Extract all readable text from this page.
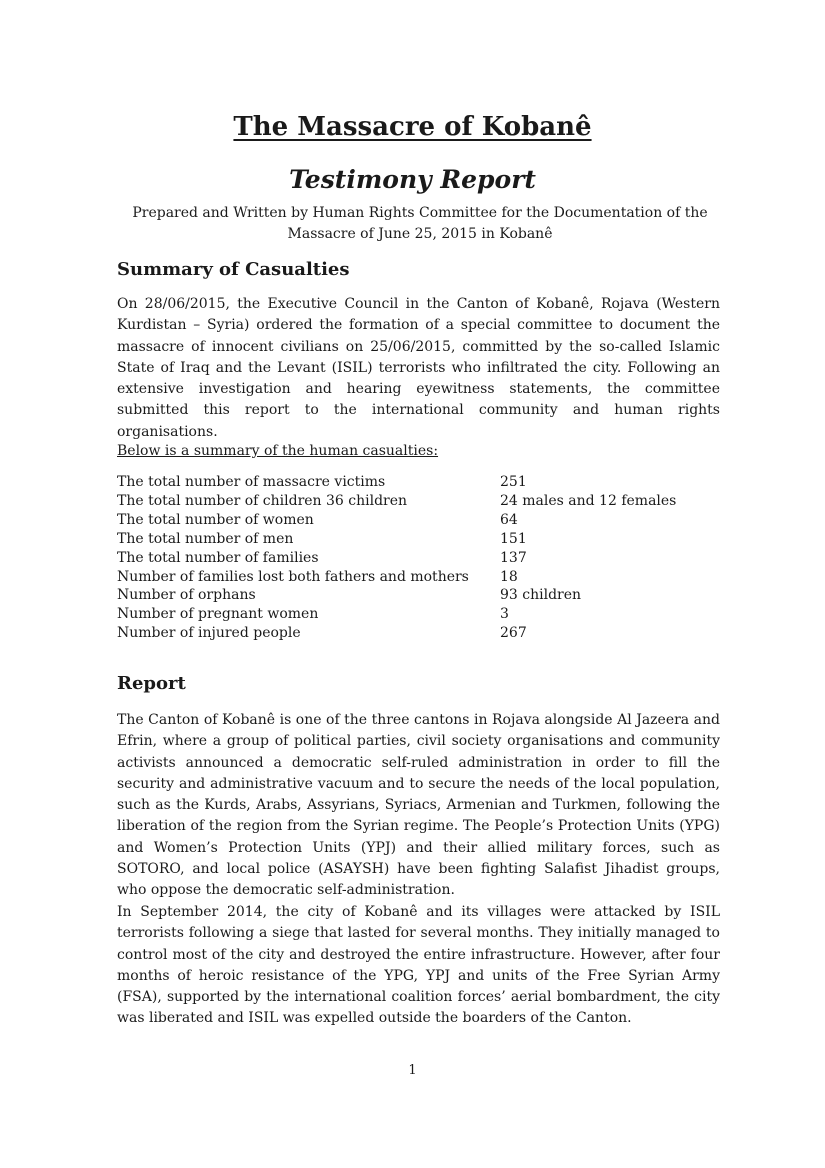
The Massacre of Kobanê
Testimony Report
Prepared and Written by Human Rights Committee for the Documentation of the
Massacre of June 25, 2015 in Kobanê
Summary of Casualties

On 28/06/2015, the Executive Council in the Canton of Kobanê, Rojava (Western Kurdistan – Syria) ordered the formation of a special committee to document the massacre of innocent civilians on 25/06/2015, committed by the so-called Islamic State of Iraq and the Levant (ISIL) terrorists who infiltrated the city. Following an extensive investigation and hearing eyewitness statements, the committee submitted this report to the international community and human rights organisations.

Below is a summary of the human casualties:

The total number of massacre victims	251
The total number of children 36 children	24 males and 12 females
The total number of women	64
The total number of men	151
The total number of families	137
Number of families lost both fathers and mothers	18
Number of orphans	93 children
Number of pregnant women	3
Number of injured people	267
Report

The Canton of Kobanê is one of the three cantons in Rojava alongside Al Jazeera and Efrin, where a group of political parties, civil society organisations and community activists announced a democratic self-ruled administration in order to fill the security and administrative vacuum and to secure the needs of the local population, such as the Kurds, Arabs, Assyrians, Syriacs, Armenian and Turkmen, following the liberation of the region from the Syrian regime. The People’s Protection Units (YPG) and Women’s Protection Units (YPJ) and their allied military forces, such as SOTORO, and local police (ASAYSH) have been fighting Salafist Jihadist groups, who oppose the democratic self-administration.

In September 2014, the city of Kobanê and its villages were attacked by ISIL terrorists following a siege that lasted for several months. They initially managed to control most of the city and destroyed the entire infrastructure. However, after four months of heroic resistance of the YPG, YPJ and units of the Free Syrian Army (FSA), supported by the international coalition forces’ aerial bombardment, the city was liberated and ISIL was expelled outside the boarders of the Canton.

1
